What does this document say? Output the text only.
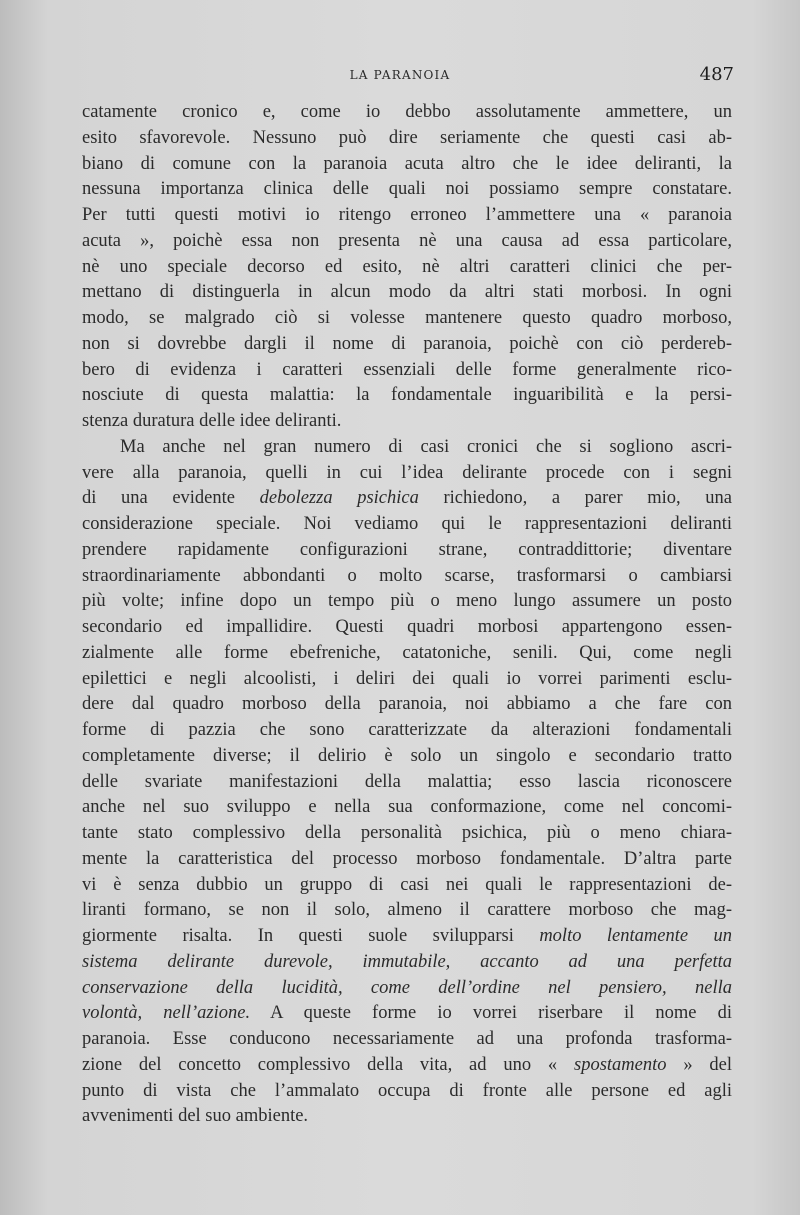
LA PARANOIA	487
catamente cronico e, come io debbo assolutamente ammettere, un
esito sfavorevole. Nessuno può dire seriamente che questi casi ab-
biano di comune con la paranoia acuta altro che le idee deliranti, la
nessuna importanza clinica delle quali noi possiamo sempre constatare.
Per tutti questi motivi io ritengo erroneo l’ammettere una « paranoia
acuta », poichè essa non presenta nè una causa ad essa particolare,
nè uno speciale decorso ed esito, nè altri caratteri clinici che per-
mettano di distinguerla in alcun modo da altri stati morbosi. In ogni
modo, se malgrado ciò si volesse mantenere questo quadro morboso,
non si dovrebbe dargli il nome di paranoia, poichè con ciò perdereb-
bero di evidenza i caratteri essenziali delle forme generalmente rico-
nosciute di questa malattia: la fondamentale inguaribilità e la persi-
stenza duratura delle idee deliranti.
Ma anche nel gran numero di casi cronici che si sogliono ascri-
vere alla paranoia, quelli in cui l’idea delirante procede con i segni
di una evidente debolezza psichica richiedono, a parer mio, una
considerazione speciale. Noi vediamo qui le rappresentazioni deliranti
prendere rapidamente configurazioni strane, contraddittorie; diventare
straordinariamente abbondanti o molto scarse, trasformarsi o cambiarsi
più volte; infine dopo un tempo più o meno lungo assumere un posto
secondario ed impallidire. Questi quadri morbosi appartengono essen-
zialmente alle forme ebefreniche, catatoniche, senili. Qui, come negli
epilettici e negli alcoolisti, i deliri dei quali io vorrei parimenti esclu-
dere dal quadro morboso della paranoia, noi abbiamo a che fare con
forme di pazzia che sono caratterizzate da alterazioni fondamentali
completamente diverse; il delirio è solo un singolo e secondario tratto
delle svariate manifestazioni della malattia; esso lascia riconoscere
anche nel suo sviluppo e nella sua conformazione, come nel concomi-
tante stato complessivo della personalità psichica, più o meno chiara-
mente la caratteristica del processo morboso fondamentale. D’altra parte
vi è senza dubbio un gruppo di casi nei quali le rappresentazioni de-
liranti formano, se non il solo, almeno il carattere morboso che mag-
giormente risalta. In questi suole svilupparsi molto lentamente un
sistema delirante durevole, immutabile, accanto ad una perfetta
conservazione della lucidità, come dell’ordine nel pensiero, nella
volontà, nell’azione. A queste forme io vorrei riserbare il nome di
paranoia. Esse conducono necessariamente ad una profonda trasforma-
zione del concetto complessivo della vita, ad uno « spostamento » del
punto di vista che l’ammalato occupa di fronte alle persone ed agli
avvenimenti del suo ambiente.
